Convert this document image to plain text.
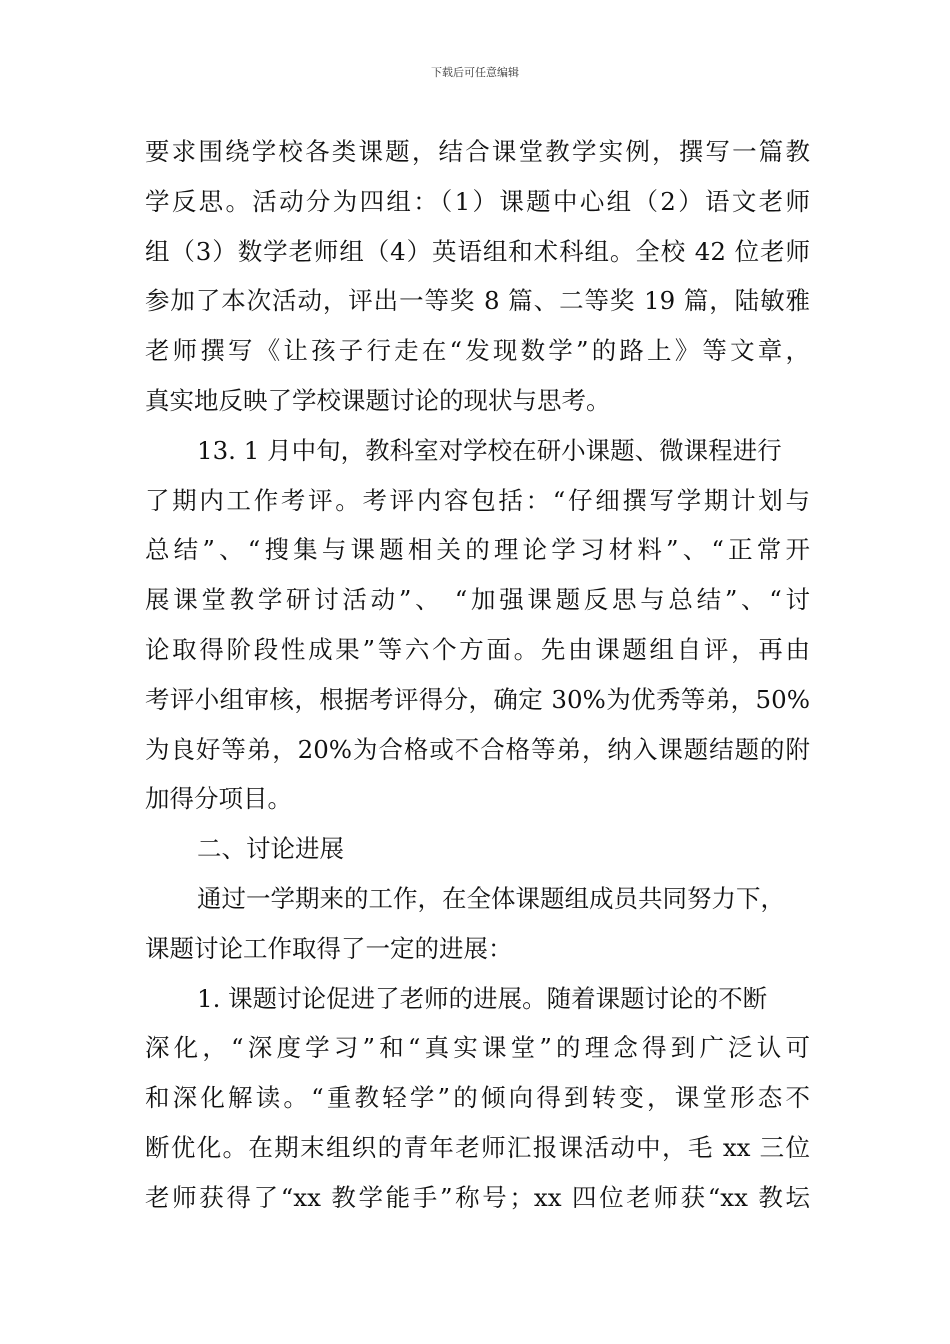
下载后可任意编辑
要求围绕学校各类课题，结合课堂教学实例，撰写一篇教
学反思。活动分为四组：（1）课题中心组（2）语文老师
组（3）数学老师组（4）英语组和术科组。全校 42 位老师
参加了本次活动，评出一等奖 8 篇、二等奖 19 篇，陆敏雅
老师撰写《让孩子行走在“发现数学”的路上》等文章，
真实地反映了学校课题讨论的现状与思考。
13. 1 月中旬，教科室对学校在研小课题、微课程进行
了期内工作考评。考评内容包括：“仔细撰写学期计划与
总结”、“搜集与课题相关的理论学习材料”、“正常开
展课堂教学研讨活动”、 “加强课题反思与总结”、“讨
论取得阶段性成果”等六个方面。先由课题组自评，再由
考评小组审核，根据考评得分，确定 30%为优秀等弟，50%
为良好等弟，20%为合格或不合格等弟，纳入课题结题的附
加得分项目。
二、讨论进展
通过一学期来的工作，在全体课题组成员共同努力下，
课题讨论工作取得了一定的进展：
1. 课题讨论促进了老师的进展。随着课题讨论的不断
深化，“深度学习”和“真实课堂”的理念得到广泛认可
和深化解读。“重教轻学”的倾向得到转变，课堂形态不
断优化。在期末组织的青年老师汇报课活动中，毛 xx 三位
老师获得了“xx 教学能手”称号；xx 四位老师获“xx 教坛
